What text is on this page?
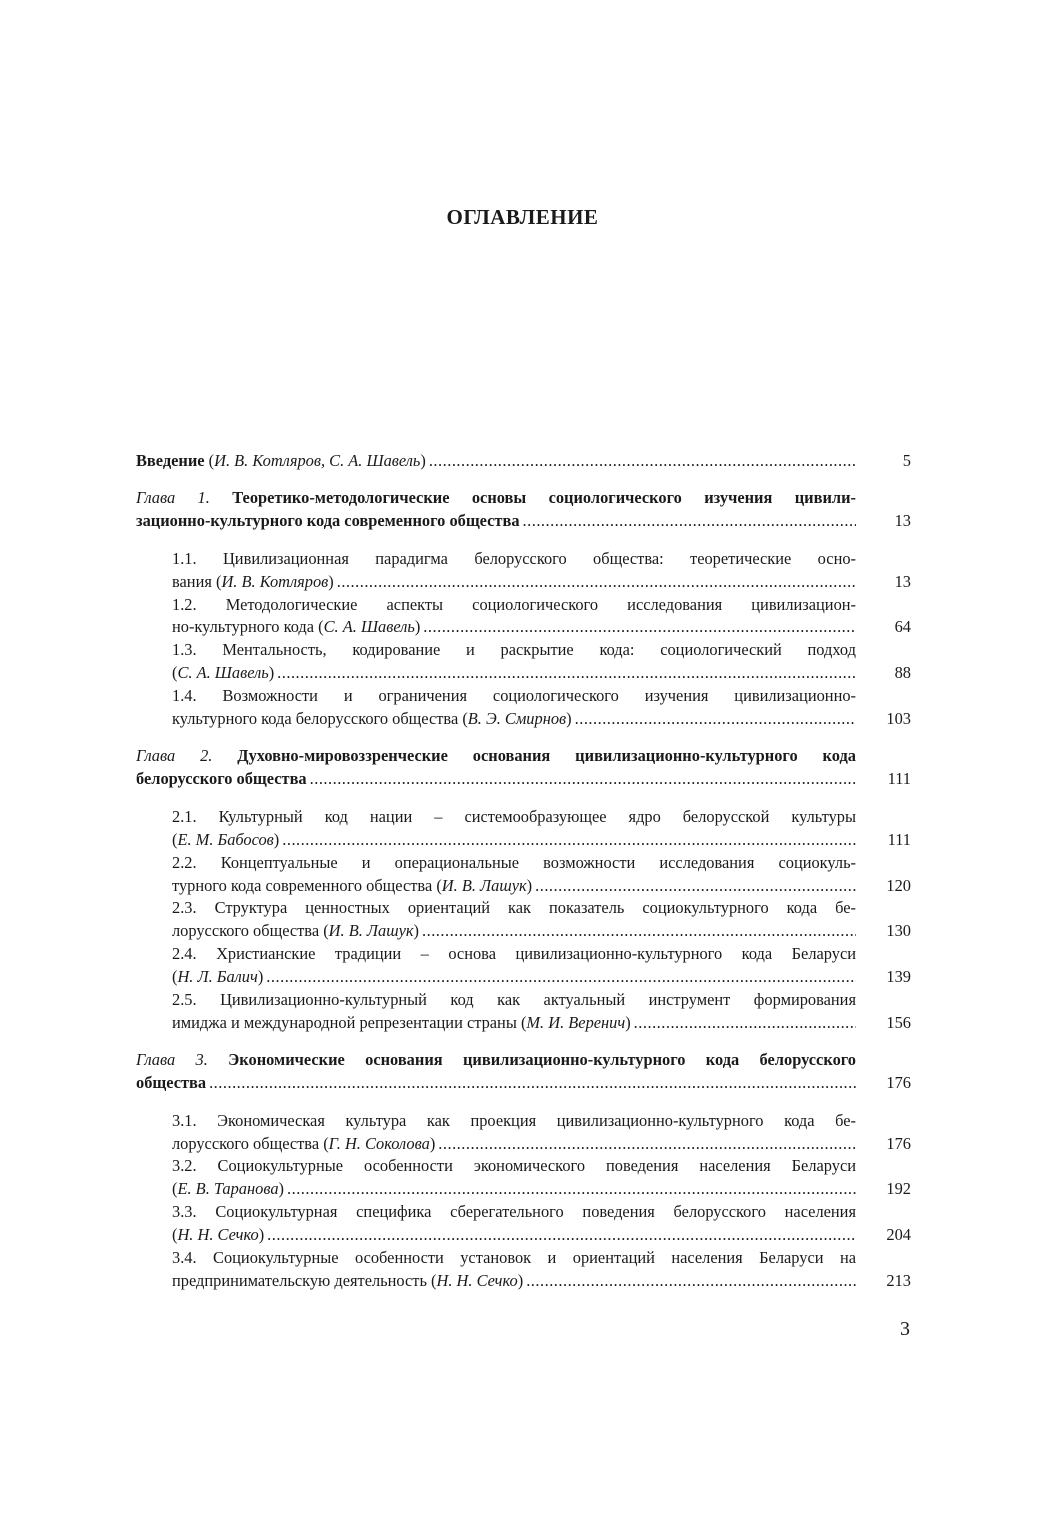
ОГЛАВЛЕНИЕ
Введение (И. В. Котляров, С. А. Шавель) .....	5
Глава 1. Теоретико-методологические основы социологического изучения цивили-
зационно-культурного кода современного общества .....	13
1.1. Цивилизационная парадигма белорусского общества: теоретические осно-
вания (И. В. Котляров) .....	13
1.2. Методологические аспекты социологического исследования цивилизацион-
но-культурного кода (С. А. Шавель) .....	64
1.3. Ментальность, кодирование и раскрытие кода: социологический подход
(С. А. Шавель) .....	88
1.4. Возможности и ограничения социологического изучения цивилизационно-
культурного кода белорусского общества (В. Э. Смирнов) .....	103
Глава 2. Духовно-мировоззренческие основания цивилизационно-культурного кода
белорусского общества .....	111
2.1. Культурный код нации – системообразующее ядро белорусской культуры
(Е. М. Бабосов) .....	111
2.2. Концептуальные и операциональные возможности исследования социокуль-
турного кода современного общества (И. В. Лашук) .....	120
2.3. Структура ценностных ориентаций как показатель социокультурного кода бе-
лорусского общества (И. В. Лашук) .....	130
2.4. Христианские традиции – основа цивилизационно-культурного кода Беларуси
(Н. Л. Балич) .....	139
2.5. Цивилизационно-культурный код как актуальный инструмент формирования
имиджа и международной репрезентации страны (М. И. Веренич) .....	156
Глава 3. Экономические основания цивилизационно-культурного кода белорусского
общества .....	176
3.1. Экономическая культура как проекция цивилизационно-культурного кода бе-
лорусского общества (Г. Н. Соколова) .....	176
3.2. Социокультурные особенности экономического поведения населения Беларуси
(Е. В. Таранова) .....	192
3.3. Социокультурная специфика сберегательного поведения белорусского населения
(Н. Н. Сечко) .....	204
3.4. Социокультурные особенности установок и ориентаций населения Беларуси на
предпринимательскую деятельность (Н. Н. Сечко) .....	213
3
